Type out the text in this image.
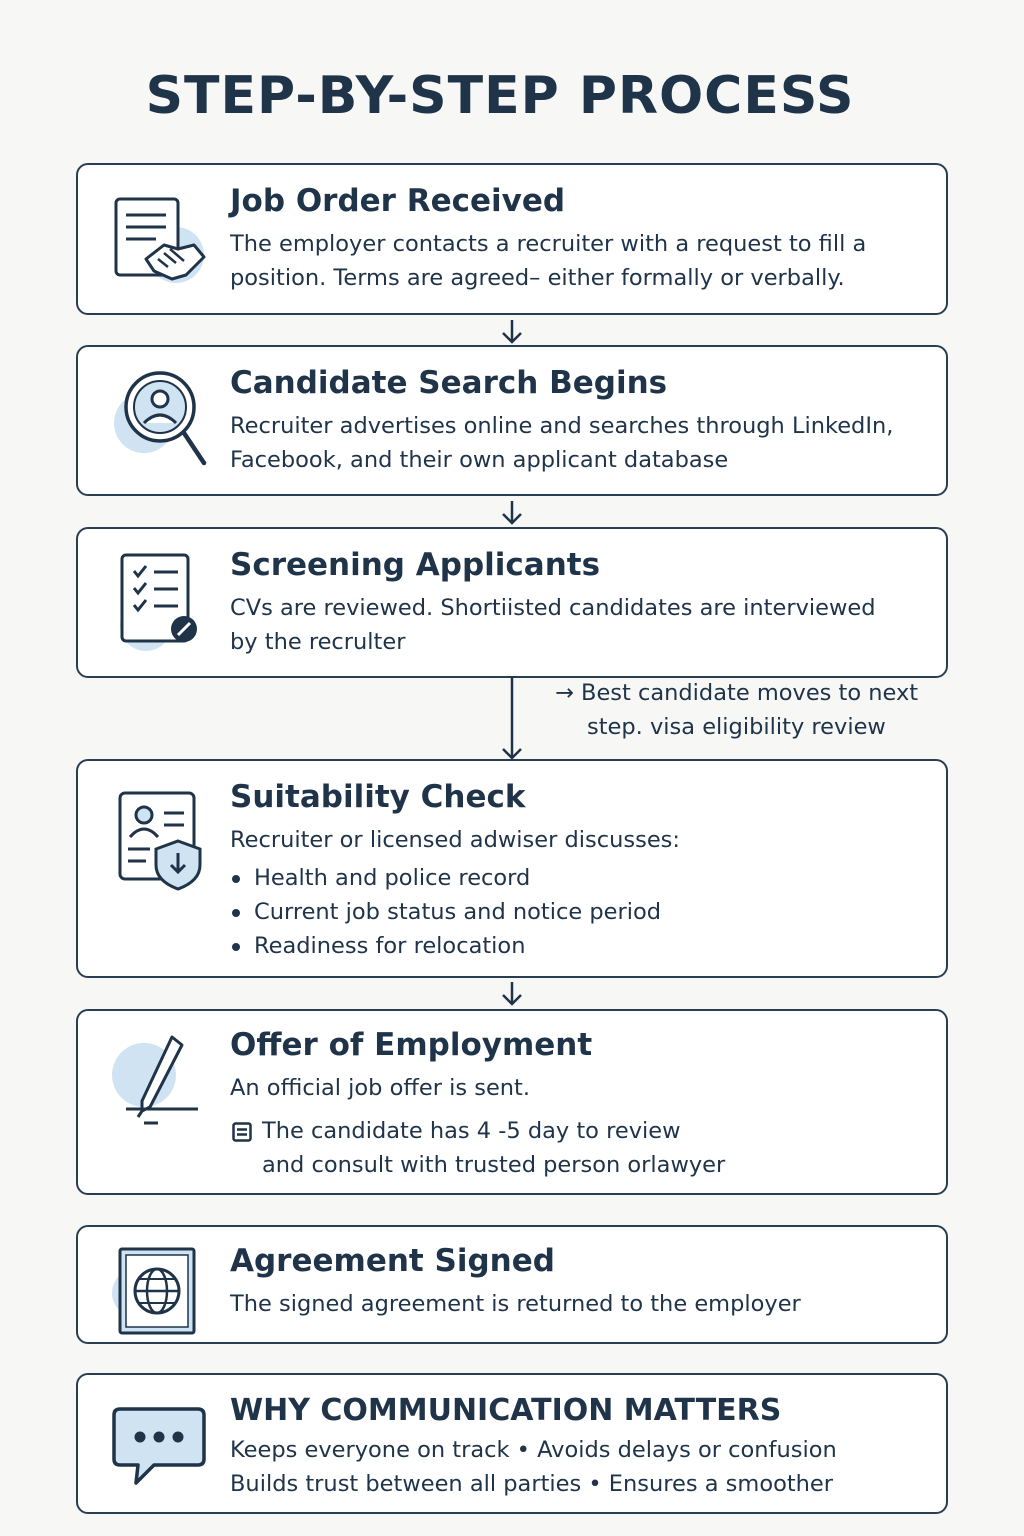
STEP-BY-STEP PROCESS
Job Order Received
The employer contacts a recruiter with a request to fill a position. Terms are agreed– either formally or verbally.
Candidate Search Begins
Recruiter advertises online and searches through LinkedIn, Facebook, and their own applicant database
Screening Applicants
CVs are reviewed. Shortiisted candidates are interviewed by the recrulter
→ Best candidate moves to next
step. visa eligibility review
Suitability Check
Recruiter or licensed adwiser discusses:
Health and police record
Current job status and notice period
Readiness for relocation
Offer of Employment
An official job offer is sent.
The candidate has 4 -5 day to review
and consult with trusted person orlawyer
Agreement Signed
The signed agreement is returned to the employer
WHY COMMUNICATION MATTERS
Keeps everyone on track • Avoids delays or confusion
Builds trust between all parties • Ensures a smoother
